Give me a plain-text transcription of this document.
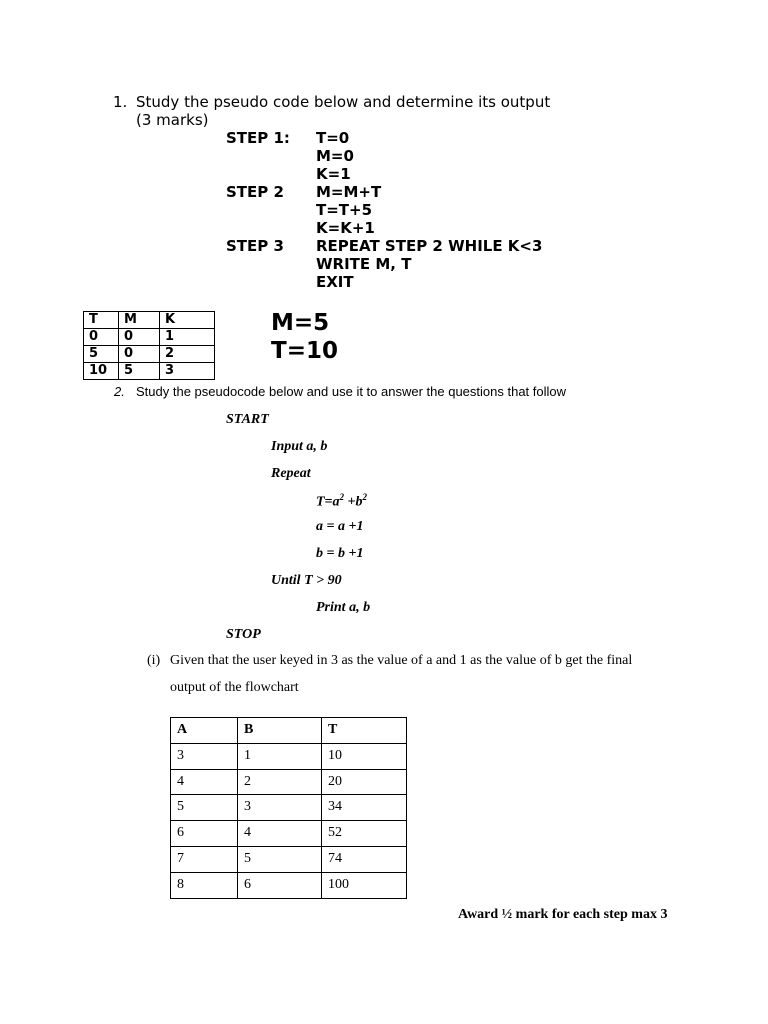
1. Study the pseudo code below and determine its output
(3 marks)
STEP 1: T=0
M=0
K=1
STEP 2 M=M+T
T=T+5
K=K+1
STEP 3 REPEAT STEP 2 WHILE K<3
WRITE M, T
EXIT
T	M	K
0	0	1
5	0	2
10	5	3
M=5
T=10
2. Study the pseudocode below and use it to answer the questions that follow
START
Input a, b
Repeat
$T=a^2 +b^2$
a = a +1
b = b +1
Until T > 90
Print a, b
STOP
(i) Given that the user keyed in 3 as the value of a and 1 as the value of b get the final
output of the flowchart
A	B	T
3	1	10
4	2	20
5	3	34
6	4	52
7	5	74
8	6	100
Award ½ mark for each step max 3
